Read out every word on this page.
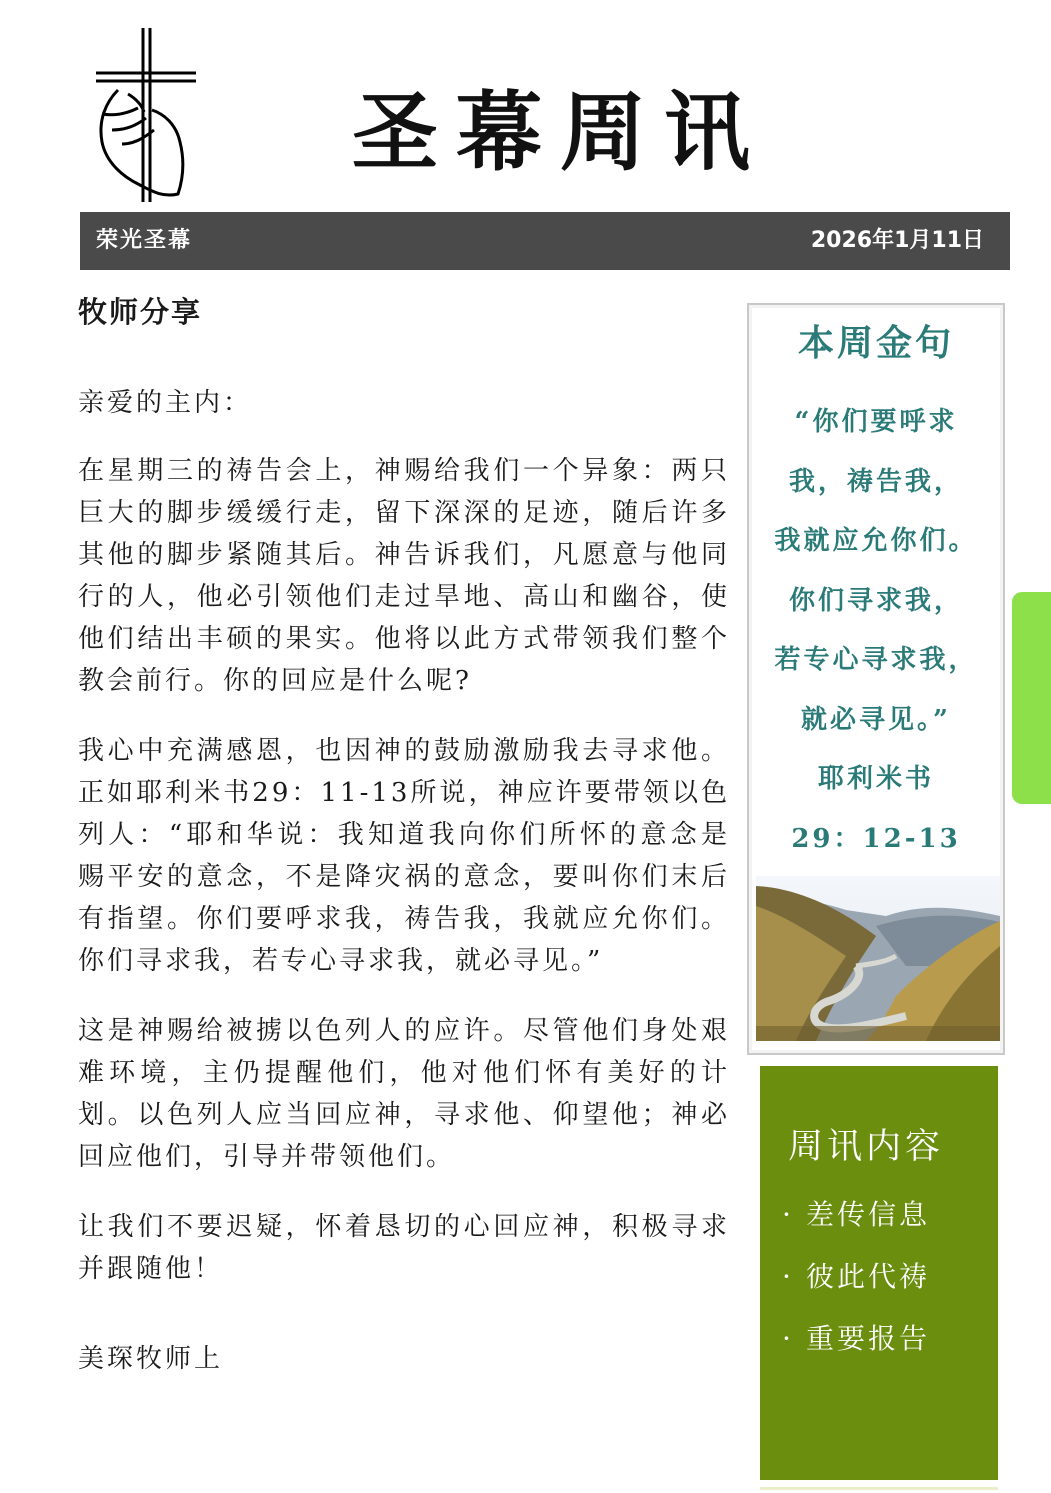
圣幕周讯
荣光圣幕	2026年1月11日
牧师分享
亲爱的主内：

在星期三的祷告会上，神赐给我们一个异象：两只巨大的脚步缓缓行走，留下深深的足迹，随后许多其他的脚步紧随其后。神告诉我们，凡愿意与他同行的人，他必引领他们走过旱地、高山和幽谷，使他们结出丰硕的果实。他将以此方式带领我们整个教会前行。你的回应是什么呢?

我心中充满感恩，也因神的鼓励激励我去寻求他。正如耶利米书29：11-13所说，神应许要带领以色列人：“耶和华说：我知道我向你们所怀的意念是赐平安的意念，不是降灾祸的意念，要叫你们末后有指望。你们要呼求我，祷告我，我就应允你们。你们寻求我，若专心寻求我，就必寻见。”

这是神赐给被掳以色列人的应许。尽管他们身处艰难环境，主仍提醒他们，他对他们怀有美好的计划。以色列人应当回应神，寻求他、仰望他；神必回应他们，引导并带领他们。

让我们不要迟疑，怀着恳切的心回应神，积极寻求并跟随他！

美琛牧师上
本周金句
“你们要呼求
我，祷告我，
我就应允你们。
你们寻求我，
若专心寻求我，
就必寻见。”
耶利米书
29：12-13
周讯内容
· 差传信息
· 彼此代祷
· 重要报告
